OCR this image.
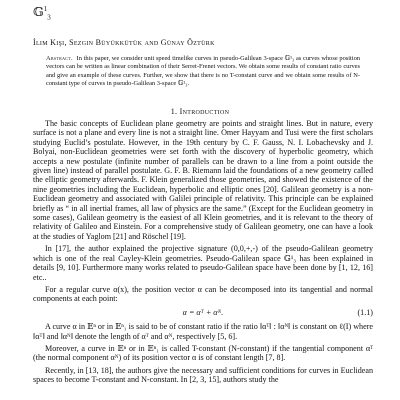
𝔾$^1_3$
İlim Kişi, Sezgin Büyükkütük and Günay Öztürk
Abstract. In this paper, we consider unit speed timelike curves in pseudo-Galilean 3-space 𝔾¹₃ as curves whose position vectors can be written as linear combination of their Serret-Frenet vectors. We obtain some results of constant ratio curves and give an example of these curves. Further, we show that there is no T-constant curve and we obtain some results of N-constant type of curves in pseudo-Galilean 3-space 𝔾¹₃.
1. Introduction

The basic concepts of Euclidean plane geometry are points and straight lines. But in nature, every surface is not a plane and every line is not a straight line. Omer Hayyam and Tusi were the first scholars studying Euclid’s postulate. However, in the 19th century by C. F. Gauss, N. I. Lobachevsky and J. Bolyai, non-Euclidean geometries were set forth with the discovery of hyperbolic geometry, which accepts a new postulate (infinite number of parallels can be drawn to a line from a point outside the given line) instead of parallel postulate. G. F. B. Riemann laid the foundations of a new geometry called the elliptic geometry afterwards. F. Klein generalized those geometries, and showed the existence of the nine geometries including the Euclidean, hyperbolic and elliptic ones [20]. Galilean geometry is a non-Euclidean geometry and associated with Galilei principle of relativity. This principle can be explained briefly as “ in all inertial frames, all law of physics are the same.” (Except for the Euclidean geometry in some cases), Galilean geometry is the easiest of all Klein geometries, and it is relevant to the theory of relativity of Galileo and Einstein. For a comprehensive study of Galilean geometry, one can have a look at the studies of Yaglom [21] and Röschel [19].

In [17], the author explained the projective signature (0,0,+,-) of the pseudo-Galilean geometry which is one of the real Cayley-Klein geometries. Pseudo-Galilean space 𝔾¹₃ has been explained in details [9, 10]. Furthermore many works related to pseudo-Galilean space have been done by [1, 12, 16] etc..

For a regular curve α(x), the position vector α can be decomposed into its tangential and normal components at each point:

α = αᵀ + αᴺ.	(1.1)

A curve α in 𝔼ⁿ or in 𝔼ⁿ₁ is said to be of constant ratio if the ratio ‖αᵀ‖ : ‖αᴺ‖ is constant on ℓ(I) where ‖αᵀ‖ and ‖αᴺ‖ denote the length of αᵀ and αᴺ, respectively [5, 6].

Moreover, a curve in 𝔼ⁿ or in 𝔼ⁿ₁ is called T-constant (N-constant) if the tangential component αᵀ (the normal component αᴺ) of its position vector α is of constant length [7, 8].

Recently, in [13, 18], the authors give the necessary and sufficient conditions for curves in Euclidean spaces to become T-constant and N-constant. In [2, 3, 15], authors study the
